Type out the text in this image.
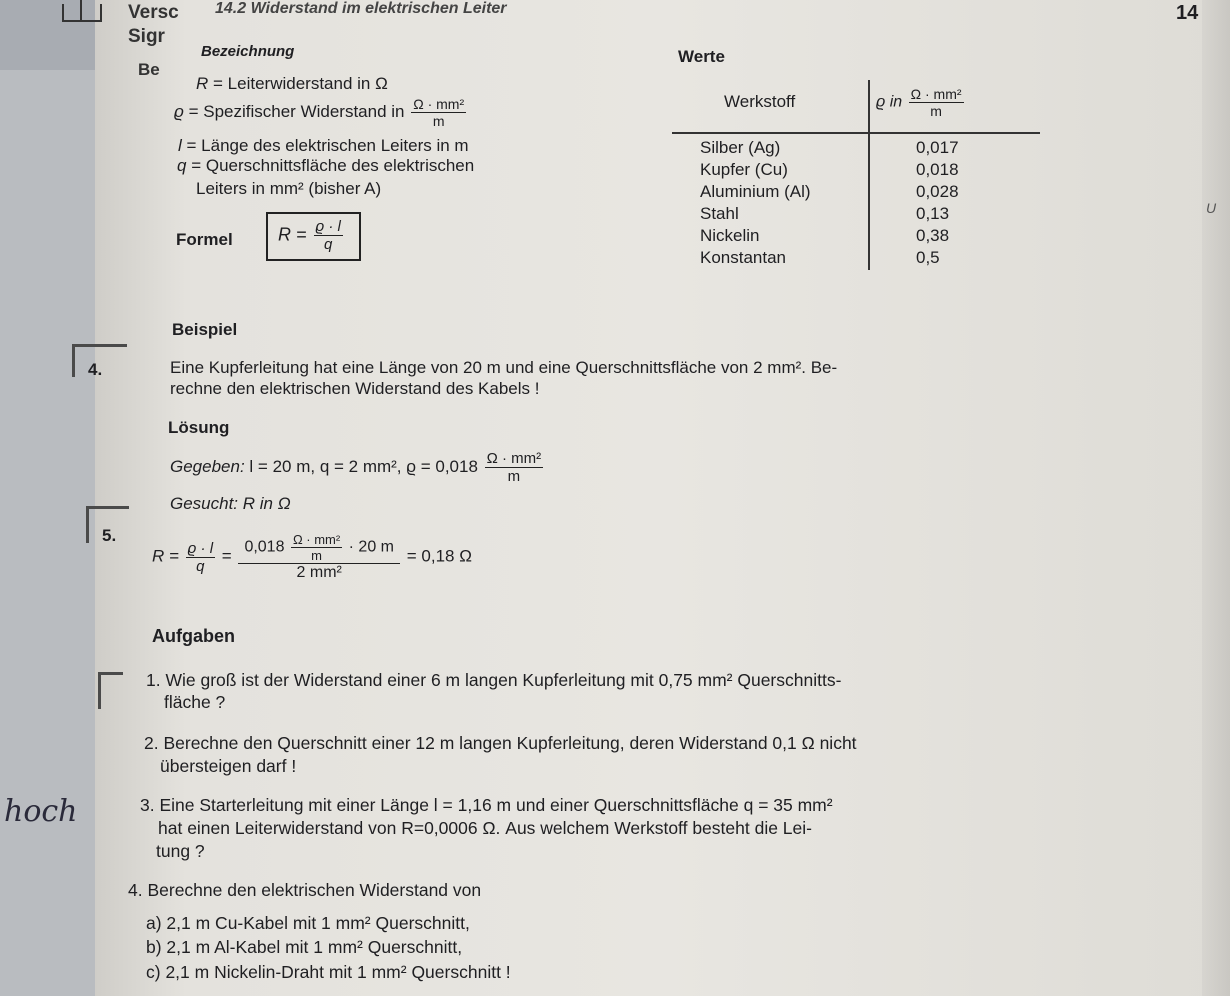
Versc 14.2 Widerstand im elektrischen Leiter	14
Sigr
Be
U
Bezeichnung	Werte
R = Leiterwiderstand in Ω
ϱ = Spezifischer Widerstand in $\frac{\text{Ω · mm²}}{m}$
l = Länge des elektrischen Leiters in m
q = Querschnittsfläche des elektrischen
Leiters in mm² (bisher A)
Formel	$R = \frac{ϱ \cdot l}{q}$
Werkstoff	ϱ in $\frac{\text{Ω · mm²}}{m}$
Silber (Ag)	0,017
Kupfer (Cu)	0,018
Aluminium (Al)	0,028
Stahl	0,13
Nickelin	0,38
Konstantan	0,5
Beispiel
4.	Eine Kupferleitung hat eine Länge von 20 m und eine Querschnittsfläche von 2 mm². Be-
rechne den elektrischen Widerstand des Kabels !
Lösung
Gegeben: l = 20 m, q = 2 mm², $ϱ = 0,018 \frac{\text{Ω · mm²}}{m}$
Gesucht: R in Ω
5.
$R = \frac{ϱ \cdot l}{q} = \frac{0,018 \frac{\text{Ω · mm²}}{m} \cdot 20 m}{\text{2 mm²}} = 0,18$ Ω
Aufgaben
1. Wie groß ist der Widerstand einer 6 m langen Kupferleitung mit 0,75 mm² Querschnitts-
fläche ?
2. Berechne den Querschnitt einer 12 m langen Kupferleitung, deren Widerstand 0,1 Ω nicht
übersteigen darf !
3. Eine Starterleitung mit einer Länge l = 1,16 m und einer Querschnittsfläche q = 35 mm²
hat einen Leiterwiderstand von R=0,0006 Ω. Aus welchem Werkstoff besteht die Lei-
tung ?
hoch
4. Berechne den elektrischen Widerstand von
a) 2,1 m Cu-Kabel mit 1 mm² Querschnitt,
b) 2,1 m Al-Kabel mit 1 mm² Querschnitt,
c) 2,1 m Nickelin-Draht mit 1 mm² Querschnitt !
